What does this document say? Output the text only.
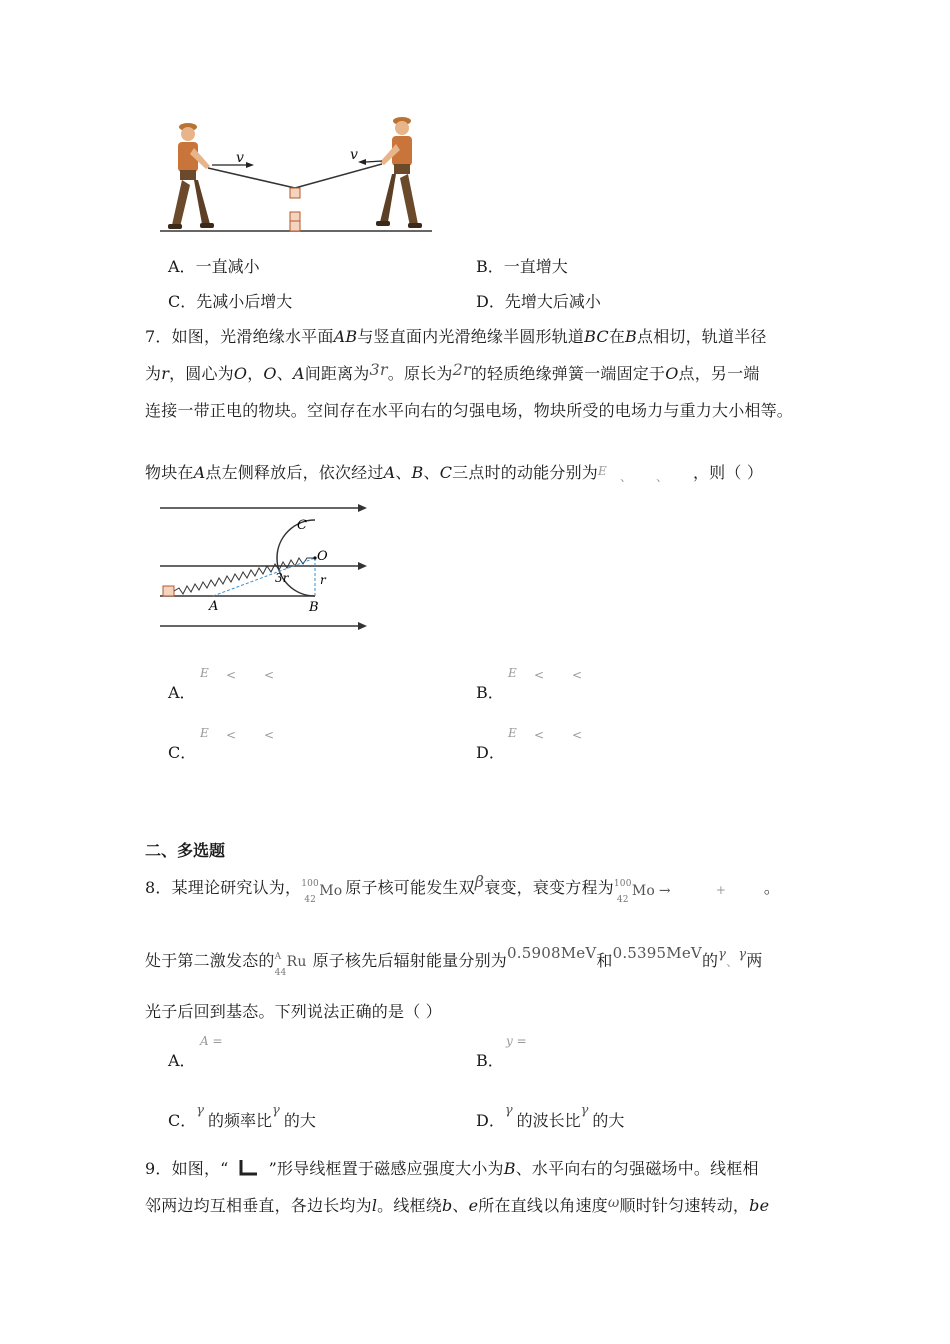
v	v
A．一直减小	B．一直增大
C．先减小后增大	D．先增大后减小
7．如图，光滑绝缘水平面AB与竖直面内光滑绝缘半圆形轨道BC在B点相切，轨道半径
为r，圆心为O，O、A间距离为3r。原长为2r的轻质绝缘弹簧一端固定于O点，另一端
连接一带正电的物块。空间存在水平向右的匀强电场，物块所受的电场力与重力大小相等。
物块在A点左侧释放后，依次经过A、B、C三点时的动能分别为 E 、 、 ，则（ ）
C
O
r
3r
A	B
A．
E < <
B．
E < <
C．
E < <
D．
E < <
二、多选题
8．某理论研究认为， 100
42
Mo 原子核可能发生双β衰变，衰变方程为 100
42
Mo →	+ 。
处于第二激发态的 A
44
Ru 原子核先后辐射能量分别为0.5908MeV和0.5395MeV的$^\gamma$、$^\gamma$两
光子后回到基态。下列说法正确的是（ ）
A．
A =
B．
y =
C．$^\gamma$的频率比$^\gamma$的大	D．$^\gamma$的波长比$^\gamma$的大
9．如图，“	”形导线框置于磁感应强度大小为B、水平向右的匀强磁场中。线框相
邻两边均互相垂直，各边长均为l。线框绕b、e所在直线以角速度ω顺时针匀速转动，be
